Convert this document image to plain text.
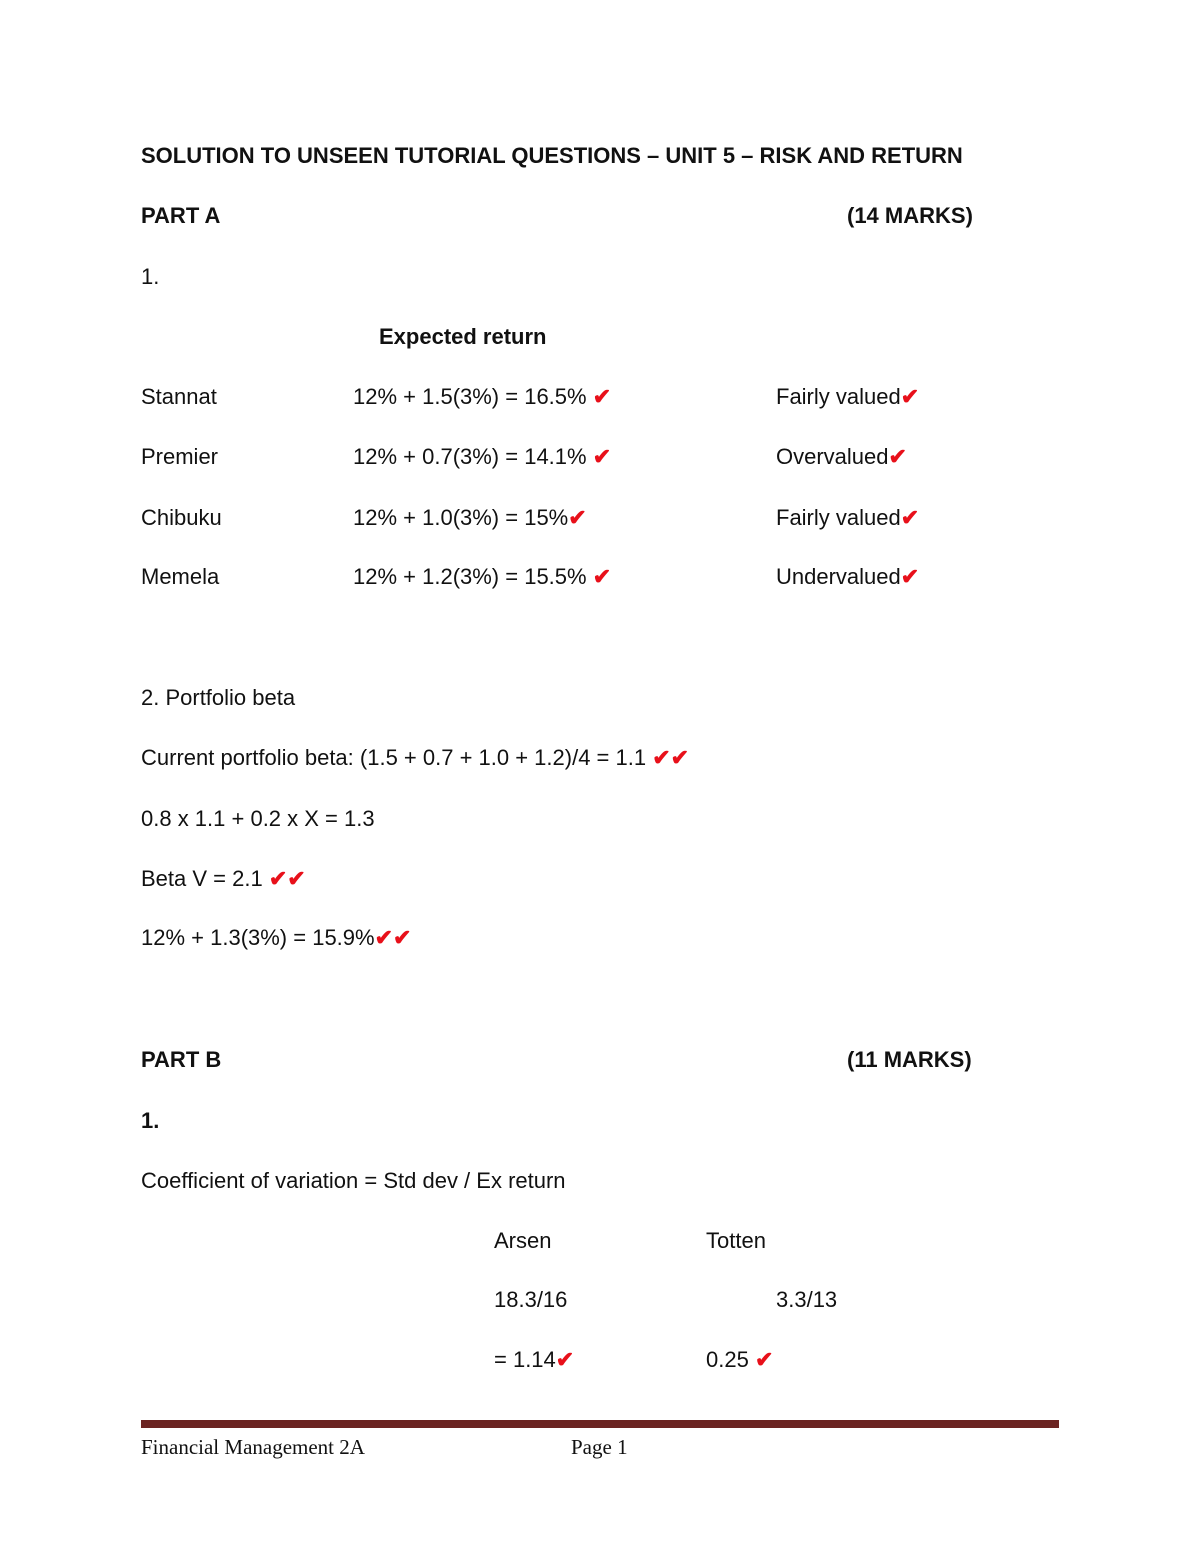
SOLUTION TO UNSEEN TUTORIAL QUESTIONS – UNIT 5 – RISK AND RETURN
PART A	(14 MARKS)
1.
Expected return
Stannat	12% + 1.5(3%) = 16.5% ✔	Fairly valued✔
Premier	12% + 0.7(3%) = 14.1% ✔	Overvalued✔
Chibuku	12% + 1.0(3%) = 15%✔	Fairly valued✔
Memela	12% + 1.2(3%) = 15.5% ✔	Undervalued✔
2. Portfolio beta
Current portfolio beta: (1.5 + 0.7 + 1.0 + 1.2)/4 = 1.1 ✔✔
0.8 x 1.1 + 0.2 x X = 1.3
Beta V = 2.1 ✔✔
12% + 1.3(3%) = 15.9%✔✔
PART B	(11 MARKS)
1.
Coefficient of variation = Std dev / Ex return
Arsen	Totten
18.3/16	3.3/13
= 1.14✔	0.25 ✔
Financial Management 2A	Page 1
